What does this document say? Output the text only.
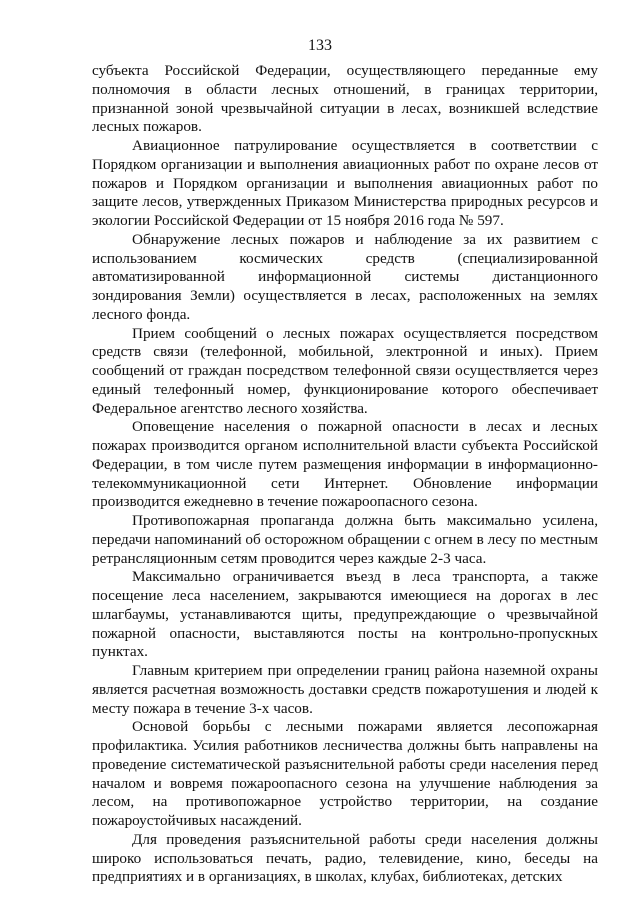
133

субъекта Российской Федерации, осуществляющего переданные ему полномочия в области лесных отношений, в границах территории, признанной зоной чрезвычайной ситуации в лесах, возникшей вследствие лесных пожаров.

Авиационное патрулирование осуществляется в соответствии с Порядком организации и выполнения авиационных работ по охране лесов от пожаров и Порядком организации и выполнения авиационных работ по защите лесов, утвержденных Приказом Министерства природных ресурсов и экологии Российской Федерации от 15 ноября 2016 года № 597.

Обнаружение лесных пожаров и наблюдение за их развитием с использованием космических средств (специализированной автоматизированной информационной системы дистанционного зондирования Земли) осуществляется в лесах, расположенных на землях лесного фонда.

Прием сообщений о лесных пожарах осуществляется посредством средств связи (телефонной, мобильной, электронной и иных). Прием сообщений от граждан посредством телефонной связи осуществляется через единый телефонный номер, функционирование которого обеспечивает Федеральное агентство лесного хозяйства.

Оповещение населения о пожарной опасности в лесах и лесных пожарах производится органом исполнительной власти субъекта Российской Федерации, в том числе путем размещения информации в информационно-телекоммуникационной сети Интернет. Обновление информации производится ежедневно в течение пожароопасного сезона.

Противопожарная пропаганда должна быть максимально усилена, передачи напоминаний об осторожном обращении с огнем в лесу по местным ретрансляционным сетям проводится через каждые 2-3 часа.

Максимально ограничивается въезд в леса транспорта, а также посещение леса населением, закрываются имеющиеся на дорогах в лес шлагбаумы, устанавливаются щиты, предупреждающие о чрезвычайной пожарной опасности, выставляются посты на контрольно-пропускных пунктах.

Главным критерием при определении границ района наземной охраны является расчетная возможность доставки средств пожаротушения и людей к месту пожара в течение 3-х часов.

Основой борьбы с лесными пожарами является лесопожарная профилактика. Усилия работников лесничества должны быть направлены на проведение систематической разъяснительной работы среди населения перед началом и вовремя пожароопасного сезона на улучшение наблюдения за лесом, на противопожарное устройство территории, на создание пожароустойчивых насаждений.

Для проведения разъяснительной работы среди населения должны широко использоваться печать, радио, телевидение, кино, беседы на предприятиях и в организациях, в школах, клубах, библиотеках, детских
